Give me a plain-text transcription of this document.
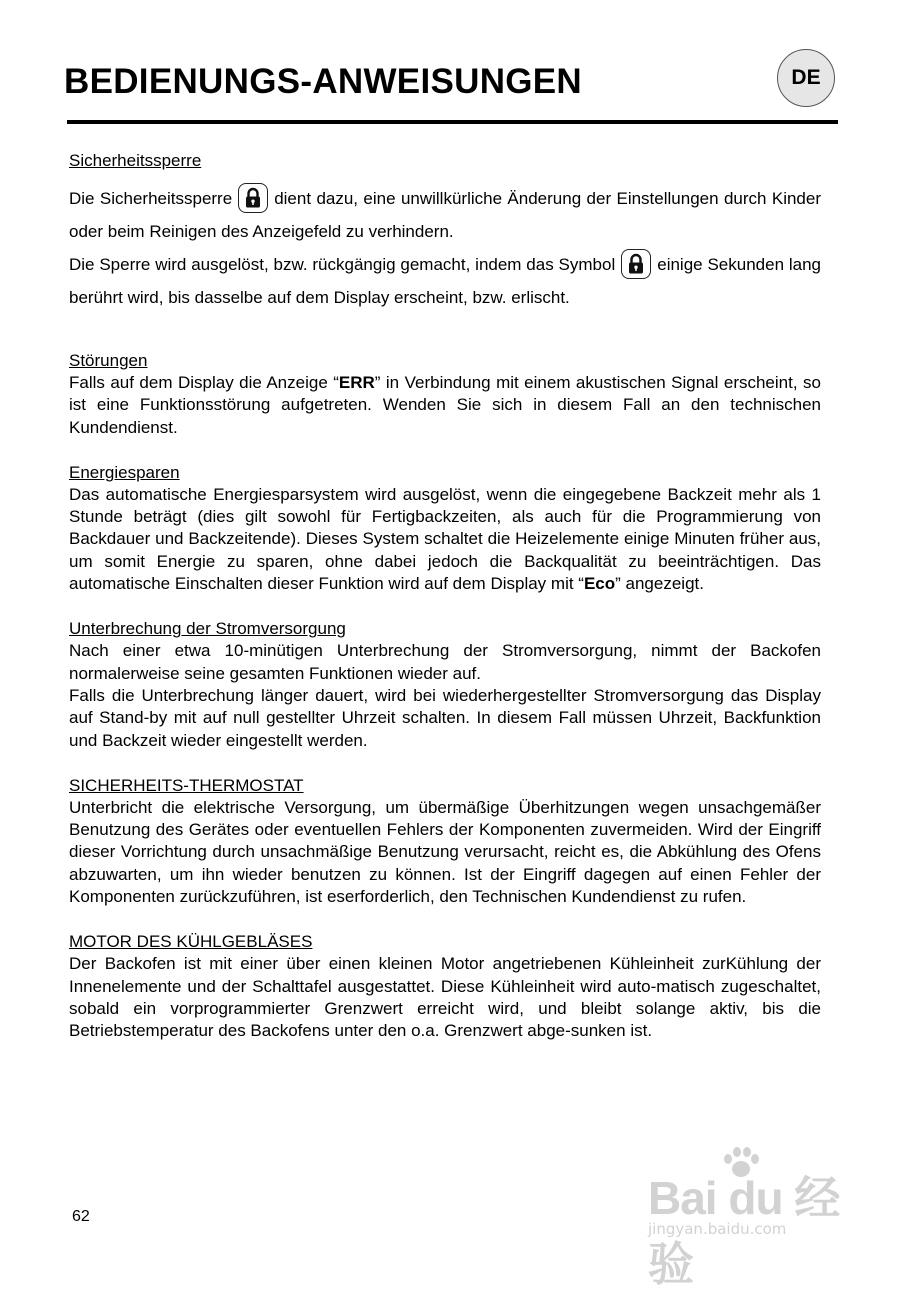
BEDIENUNGS-ANWEISUNGEN	DE

Sicherheitssperre

Die Sicherheitssperre dient dazu, eine unwillkürliche Änderung der Einstellungen durch Kinder oder beim Reinigen des Anzeigefeld zu verhindern.

Die Sperre wird ausgelöst, bzw. rückgängig gemacht, indem das Symbol einige Sekunden lang berührt wird, bis dasselbe auf dem Display erscheint, bzw. erlischt.

Störungen

Falls auf dem Display die Anzeige “ERR” in Verbindung mit einem akustischen Signal erscheint, so ist eine Funktionsstörung aufgetreten. Wenden Sie sich in diesem Fall an den technischen Kundendienst.

Energiesparen

Das automatische Energiesparsystem wird ausgelöst, wenn die eingegebene Backzeit mehr als 1 Stunde beträgt (dies gilt sowohl für Fertigbackzeiten, als auch für die Programmierung von Backdauer und Backzeitende). Dieses System schaltet die Heizelemente einige Minuten früher aus, um somit Energie zu sparen, ohne dabei jedoch die Backqualität zu beeinträchtigen. Das automatische Einschalten dieser Funktion wird auf dem Display mit “Eco” angezeigt.

Unterbrechung der Stromversorgung

Nach einer etwa 10-minütigen Unterbrechung der Stromversorgung, nimmt der Backofen normalerweise seine gesamten Funktionen wieder auf.

Falls die Unterbrechung länger dauert, wird bei wiederhergestellter Stromversorgung das Display auf Stand-by mit auf null gestellter Uhrzeit schalten. In diesem Fall müssen Uhrzeit, Backfunktion und Backzeit wieder eingestellt werden.

SICHERHEITS-THERMOSTAT

Unterbricht die elektrische Versorgung, um übermäßige Überhitzungen wegen unsachgemäßer Benutzung des Gerätes oder eventuellen Fehlers der Komponenten zuvermeiden. Wird der Eingriff dieser Vorrichtung durch unsachmäßige Benutzung verursacht, reicht es, die Abkühlung des Ofens abzuwarten, um ihn wieder benutzen zu können. Ist der Eingriff dagegen auf einen Fehler der Komponenten zurückzuführen, ist eserforderlich, den Technischen Kundendienst zu rufen.

MOTOR DES KÜHLGEBLÄSES

Der Backofen ist mit einer über einen kleinen Motor angetriebenen Kühleinheit zurKühlung der Innenelemente und der Schalttafel ausgestattet. Diese Kühleinheit wird auto-matisch zugeschaltet, sobald ein vorprogrammierter Grenzwert erreicht wird, und bleibt solange aktiv, bis die Betriebstemperatur des Backofens unter den o.a. Grenzwert abge-sunken ist.

62	Bai du 经验
jingyan.baidu.com
